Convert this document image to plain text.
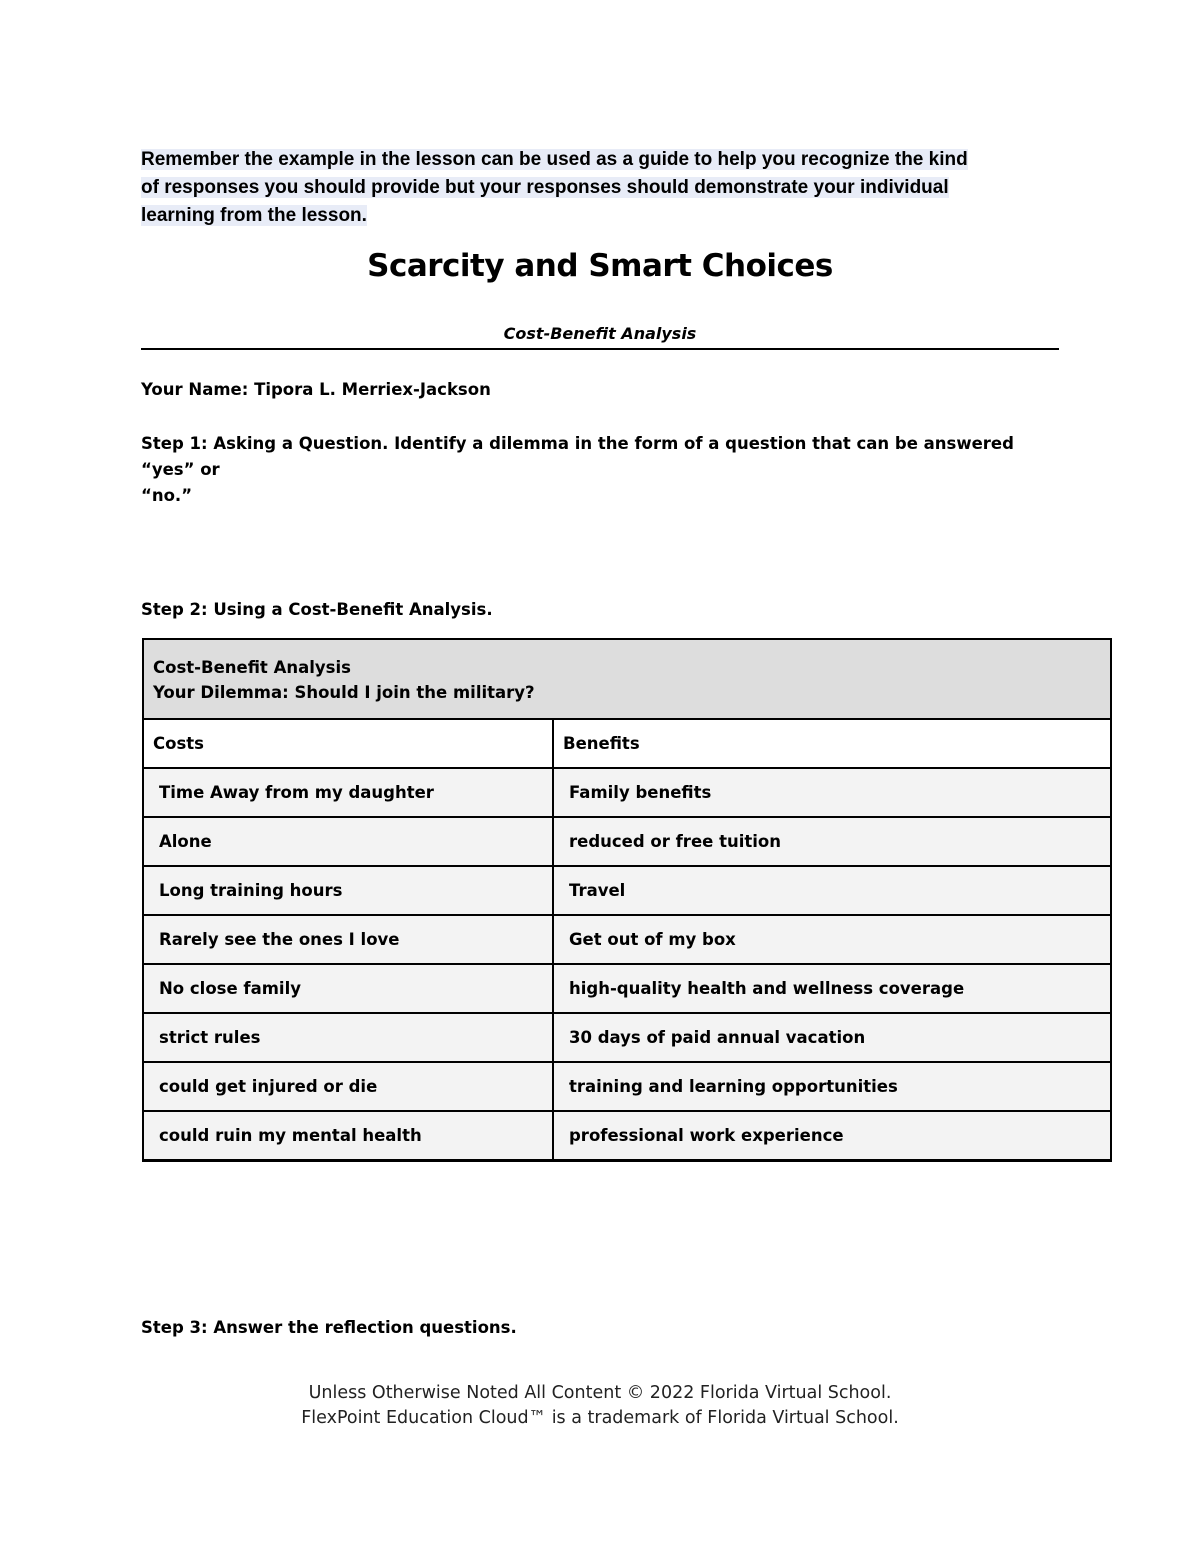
Remember the example in the lesson can be used as a guide to help you recognize the kind
of responses you should provide but your responses should demonstrate your individual
learning from the lesson.
Scarcity and Smart Choices
Cost-Benefit Analysis
Your Name: Tipora L. Merriex-Jackson
Step 1: Asking a Question. Identify a dilemma in the form of a question that can be answered “yes” or
“no.”
Step 2: Using a Cost-Benefit Analysis.
Cost-Benefit Analysis
Your Dilemma: Should I join the military?	
Costs	Benefits
Time Away from my daughter	Family benefits
Alone	reduced or free tuition
Long training hours	Travel
Rarely see the ones I love	Get out of my box
No close family	high-quality health and wellness coverage
strict rules	30 days of paid annual vacation
could get injured or die	training and learning opportunities
could ruin my mental health	professional work experience
Step 3: Answer the reflection questions.
Unless Otherwise Noted All Content © 2022 Florida Virtual School.
FlexPoint Education Cloud™ is a trademark of Florida Virtual School.
